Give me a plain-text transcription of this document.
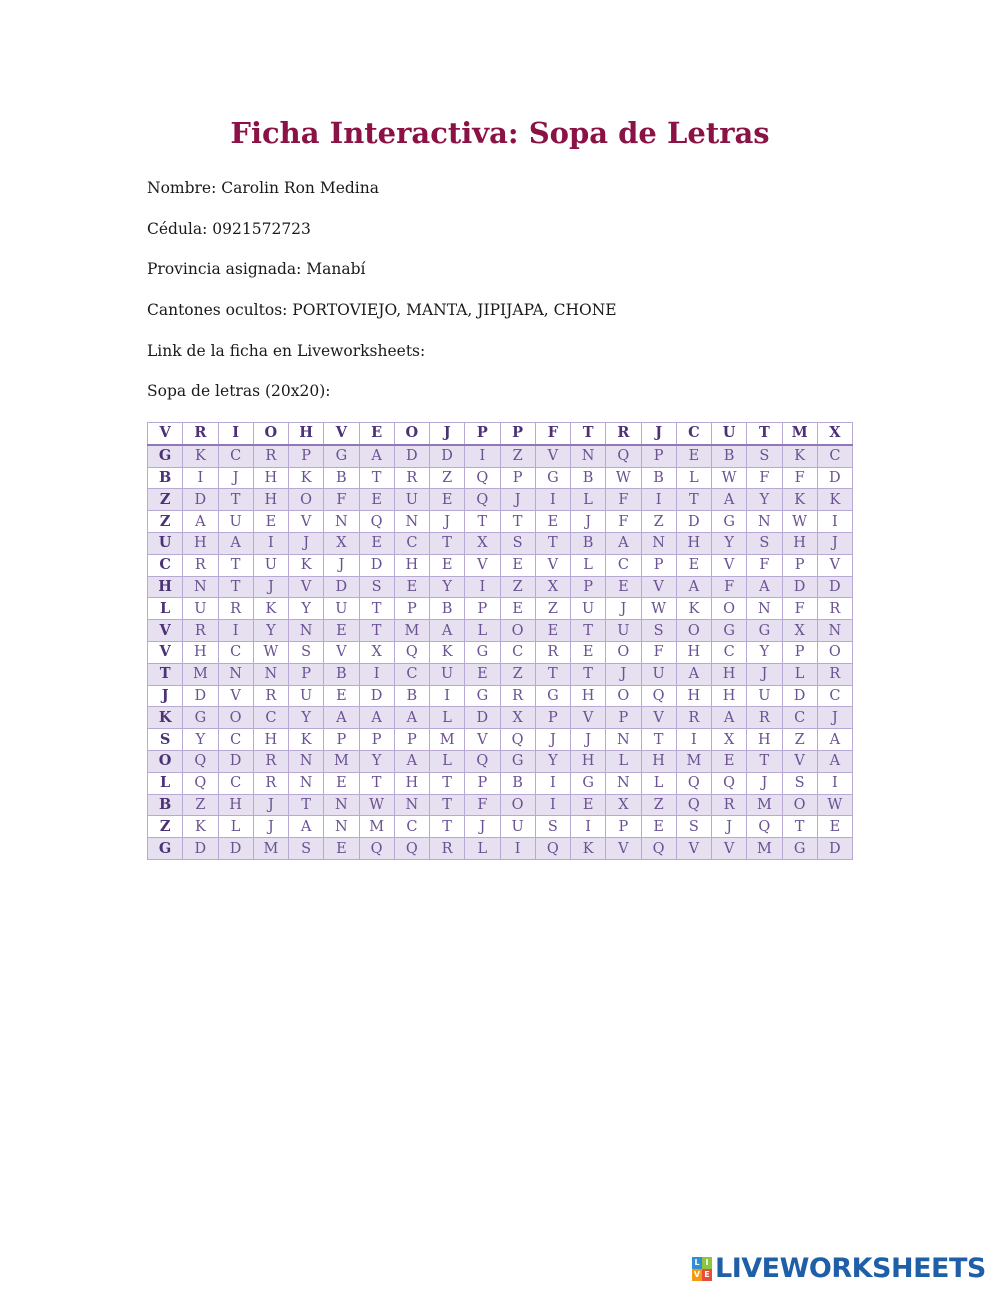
Ficha Interactiva: Sopa de Letras
Nombre: Carolin Ron Medina
Cédula: 0921572723
Provincia asignada: Manabí
Cantones ocultos: PORTOVIEJO, MANTA, JIPIJAPA, CHONE
Link de la ficha en Liveworksheets:
Sopa de letras (20x20):
V	R	I	O	H	V	E	O	J	P	P	F	T	R	J	C	U	T	M	X
G	K	C	R	P	G	A	D	D	I	Z	V	N	Q	P	E	B	S	K	C
B	I	J	H	K	B	T	R	Z	Q	P	G	B	W	B	L	W	F	F	D
Z	D	T	H	O	F	E	U	E	Q	J	I	L	F	I	T	A	Y	K	K
Z	A	U	E	V	N	Q	N	J	T	T	E	J	F	Z	D	G	N	W	I
U	H	A	I	J	X	E	C	T	X	S	T	B	A	N	H	Y	S	H	J
C	R	T	U	K	J	D	H	E	V	E	V	L	C	P	E	V	F	P	V
H	N	T	J	V	D	S	E	Y	I	Z	X	P	E	V	A	F	A	D	D
L	U	R	K	Y	U	T	P	B	P	E	Z	U	J	W	K	O	N	F	R
V	R	I	Y	N	E	T	M	A	L	O	E	T	U	S	O	G	G	X	N
V	H	C	W	S	V	X	Q	K	G	C	R	E	O	F	H	C	Y	P	O
T	M	N	N	P	B	I	C	U	E	Z	T	T	J	U	A	H	J	L	R
J	D	V	R	U	E	D	B	I	G	R	G	H	O	Q	H	H	U	D	C
K	G	O	C	Y	A	A	A	L	D	X	P	V	P	V	R	A	R	C	J
S	Y	C	H	K	P	P	P	M	V	Q	J	J	N	T	I	X	H	Z	A
O	Q	D	R	N	M	Y	A	L	Q	G	Y	H	L	H	M	E	T	V	A
L	Q	C	R	N	E	T	H	T	P	B	I	G	N	L	Q	Q	J	S	I
B	Z	H	J	T	N	W	N	T	F	O	I	E	X	Z	Q	R	M	O	W
Z	K	L	J	A	N	M	C	T	J	U	S	I	P	E	S	J	Q	T	E
G	D	D	M	S	E	Q	Q	R	L	I	Q	K	V	Q	V	V	M	G	D
L I
V E LIVEWORKSHEETS
